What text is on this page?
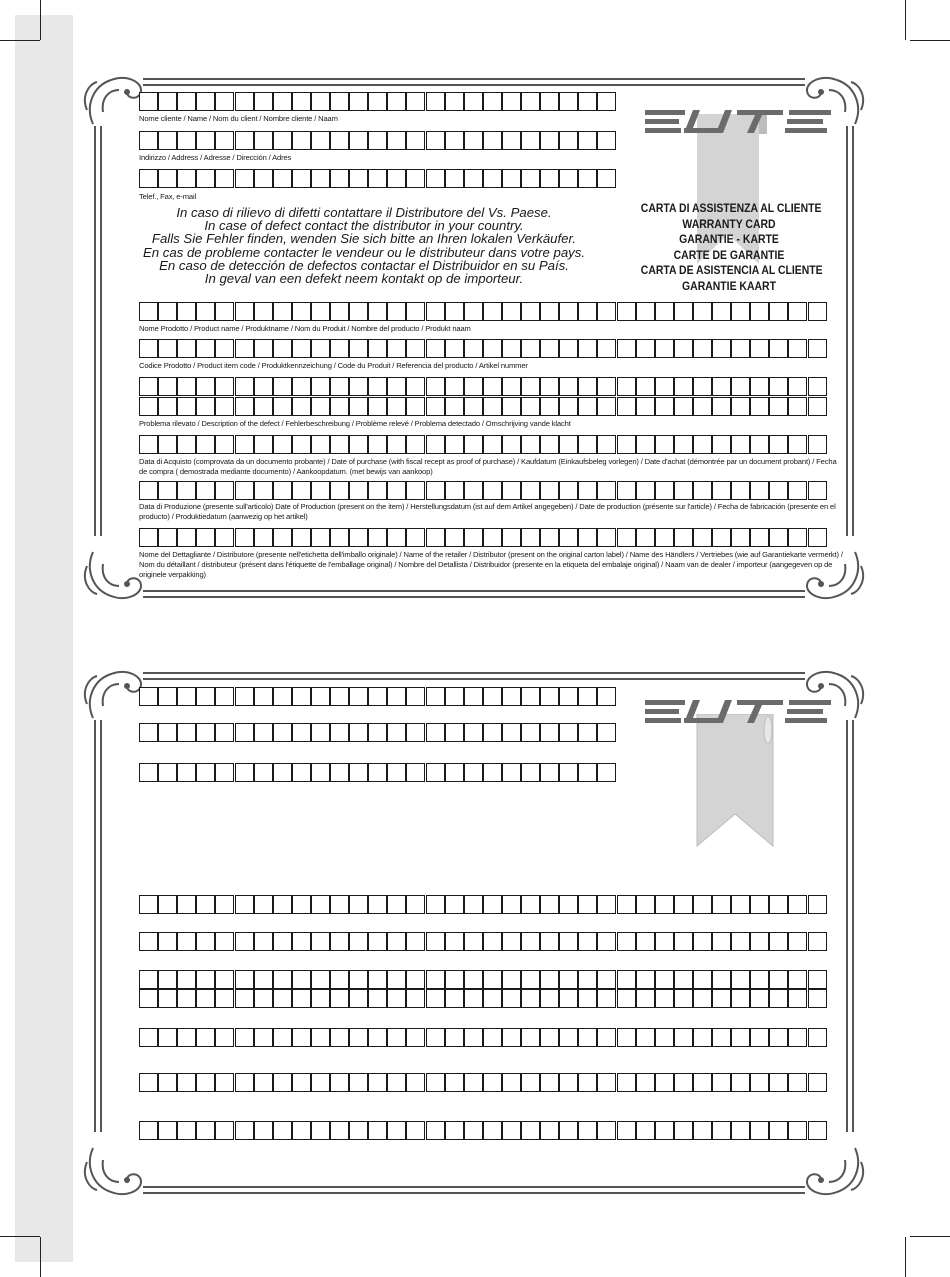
ELITE
CARTA DI ASSISTENZA AL CLIENTE
WARRANTY CARD
GARANTIE - KARTE
CARTE DE GARANTIE
CARTA DE ASISTENCIA AL CLIENTE
GARANTIE KAART
Nome cliente / Name / Nom du client / Nombre cliente / Naam
Indirizzo / Address / Adresse / Dirección / Adres
Telef., Fax, e-mail
In caso di rilievo di difetti contattare il Distributore del Vs. Paese.
In case of defect contact the distributor in your country.
Falls Sie Fehler finden, wenden Sie sich bitte an Ihren lokalen Verkäufer.
En cas de probleme contacter le vendeur ou le distributeur dans votre pays.
En caso de detección de defectos contactar el Distribuidor en su País.
In geval van een defekt neem kontakt op de importeur.
Nome Prodotto / Product name / Produktname / Nom du Produit / Nombre del producto / Produkt naam
Codice Prodotto / Product item code / Produktkennzeichung / Code du Produit / Referencia del producto / Artikel nummer
Problema rilevato / Description of the defect / Fehlerbeschreibung / Problème relevé / Problema detectado / Omschrijving vande klacht
Data di Acquisto (comprovata da un documento probante) / Date of purchase (with fiscal recept as proof of purchase) / Kaufdatum (Einkaufsbeleg vorlegen) / Date d'achat (démontrée par un document probant) / Fecha de compra ( demostrada mediante documento) / Aankoopdatum. (met bewijs van aankoop)
Data di Produzione (presente sull'articolo) Date of Production (present on the item) / Herstellungsdatum (ist auf dem Artikel angegeben) / Date de production (présente sur l'article) / Fecha de fabricación (presente en el producto) / Produktiedatum (aanwezig op het artikel)
Nome del Dettagliante / Distributore (presente nell'etichetta dell'imballo originale) / Name of the retailer / Distributor (present on the original carton label) / Name des Händlers / Vertriebes (wie auf Garantiekarte vermerkt) / Nom du détaillant / distributeur (présent dans l'étiquette de l'emballage original) / Nombre del Detallista / Distribuidor (presente en la etiqueta del embalaje original) / Naam van de dealer / importeur (aangegeven op de originele verpakking)
